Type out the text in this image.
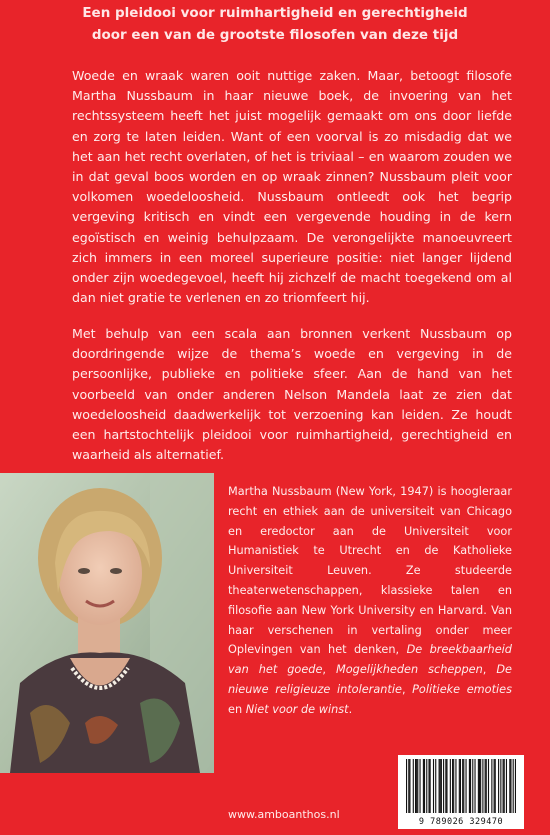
Een pleidooi voor ruimhartigheid en gerechtigheid
door een van de grootste filosofen van deze tijd
Woede en wraak waren ooit nuttige zaken. Maar, betoogt filosofe Martha Nussbaum in haar nieuwe boek, de invoering van het rechtssysteem heeft het juist mogelijk gemaakt om ons door liefde en zorg te laten leiden. Want of een voorval is zo misdadig dat we het aan het recht overlaten, of het is triviaal – en waarom zouden we in dat geval boos worden en op wraak zinnen? Nussbaum pleit voor volkomen woedeloosheid. Nussbaum ontleedt ook het begrip vergeving kritisch en vindt een vergevende houding in de kern egoïstisch en weinig behulpzaam. De verongelijkte manoeuvreert zich immers in een moreel superieure positie: niet langer lijdend onder zijn woedegevoel, heeft hij zichzelf de macht toegekend om al dan niet gratie te verlenen en zo triomfeert hij.
Met behulp van een scala aan bronnen verkent Nussbaum op doordringende wijze de thema’s woede en vergeving in de persoonlijke, publieke en politieke sfeer. Aan de hand van het voorbeeld van onder anderen Nelson Mandela laat ze zien dat woedeloosheid daadwerkelijk tot verzoening kan leiden. Ze houdt een hartstochtelijk pleidooi voor ruimhartigheid, gerechtigheid en waarheid als alternatief.
Martha Nussbaum (New York, 1947) is hoogleraar recht en ethiek aan de universiteit van Chicago en eredoctor aan de Universiteit voor Humanistiek te Utrecht en de Katholieke Universiteit Leuven. Ze studeerde theaterwetenschappen, klassieke talen en filosofie aan New York University en Harvard. Van haar verschenen in vertaling onder meer Oplevingen van het denken, De breekbaarheid van het goede, Mogelijkheden scheppen, De nieuwe religieuze intolerantie, Politieke emoties en Niet voor de winst.
www.amboanthos.nl
9 789026 329470
